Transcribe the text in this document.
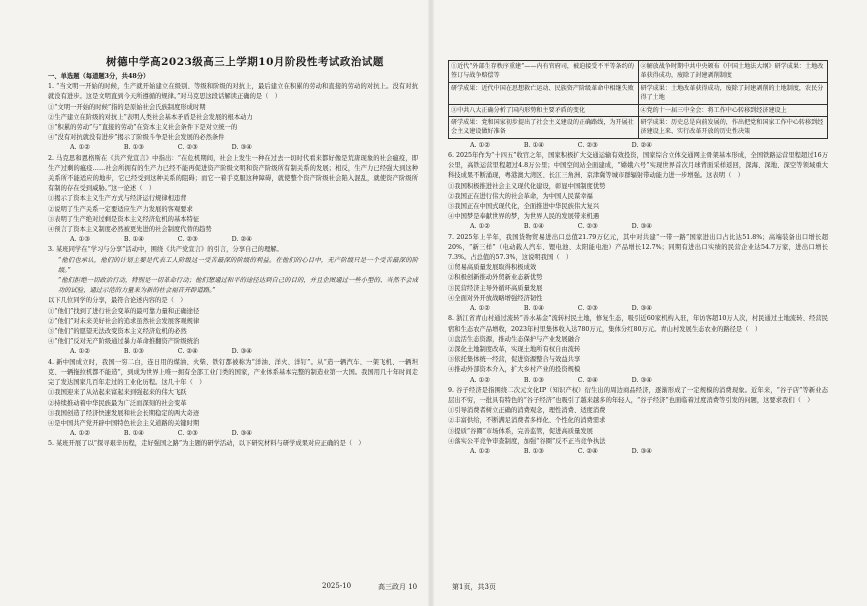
树德中学高2023级高三上学期10月阶段性考试政治试题

一、单选题（每道题3分，共48分）

1. “当文明一开始的时候，生产就开始建立在级别、等级和阶级的对抗上，最后建立在积累的劳动和直接的劳动的对抗上。没有对抗就没有进步。这是文明直到今天所遵循的规律。”对马克思这段话解读正确的是（　）

①“文明一开始的时候”指的是原始社会氏族制度形成时期

②生产建立在阶级的对抗上”表明人类社会基本矛盾是社会发展的根本动力

③“积累的劳动”与“直接的劳动”在资本主义社会条件下是对立统一的

④“没有对抗就没有进步”揭示了阶级斗争是社会发展的必然条件

A. ①②	B. ①③	C. ②③	D. ③④

2. 马克思和恩格斯在《共产党宣言》中指出：“在危机期间，社会上发生一种在过去一切时代看来都好像是荒唐现象的社会瘟疫，即生产过剩的瘟疫……社会所拥有的生产力已经不能再促进资产阶级文明和资产阶级所有制关系的发展；相反，生产力已经强大到这种关系所不能适应的地步，它已经受到这种关系的阻碍；而它一着手克服这种障碍，就使整个资产阶级社会陷入混乱，就使资产阶级所有制的存在受到威胁。”这一论述（　）

①揭示了资本主义生产方式与经济运行规律相违背

②说明了生产关系一定要适应生产力发展的客观要求

③表明了生产绝对过剩是资本主义经济危机的基本特征

④预言了资本主义制度必然被更先进的社会制度代替的趋势

A. ①③	B. ①④	C. ②③	D. ②④

3. 某班同学在“学习与分享”活动中，围绕《共产党宣言》的引言，分享自己的理解。

“他们也承认，他们的计划主要是代表工人阶级这一受苦最深的阶级的利益。在他们的心目中，无产阶级只是一个受苦最深的阶级。”

“他们拒绝一切政治行动，特别是一切革命行动；他们想通过和平的途径达到自己的目的，并且企图通过一些小型的、当然不会成功的试验，通过示范的力量来为新的社会福音开辟道路。”

以下几位同学的分享，最符合论述内容的是（　）

①“他们”找到了进行社会变革的最可靠力量和正确途径

②“他们”对未来美好社会的追求虽然社会发展客观规律

③“他们”的愿望无法改变资本主义经济危机的必然

④“他们”反对无产阶级通过暴力革命推翻资产阶级统治

A. ①②	B. ①③	C. ②④	D. ③④

4. 新中国成立时，我国一穷二白，连日用的煤油、火柴、铁钉都被称为“洋油、洋火、洋钉”。从“造一辆汽车、一架飞机、一辆坦克、一辆拖拉机都不能造”，到成为世界上唯一拥有全部工业门类的国家，产业体系基本完整的制造业第一大国。我国用几十年时间走完了发达国家几百年走过的工业化历程。这几十年（　）

①我国迎来了从站起来富起来到强起来的伟大飞跃

②持续推动着中华民族最为广泛而深刻的社会变革

③我国创造了经济快速发展和社会长期稳定的两大奇迹

④是中国共产党开辟中国特色社会主义道路的关键时期

A. ①②	B. ①④	C. ②③	D. ③④

5. 某班开展了以“探寻艰辛历程，走好强国之路”为主题的研学活动，以下研究材料与研学成果对应正确的是（　）

①近代“外部生存秩序重建”——内有官府司，被迫接受不平等条约的签订与战争赔偿等	②解放战争时期中共中央颁布《中国土地法大纲》研学成果：土地改革获得成功，废除了封建剥削制度
研学成果：近代中国在思想救亡运动、民族资产阶级革命中相继失败	研学成果：土地改革获得成功，废除了封建剥削的土地制度，农民分得了土地
③中共八大正确分析了国内形势和主要矛盾的变化	④党的十一届三中全会：将工作中心转移到经济建设上
研学成果：党和国家初步提出了社会主义建设的正确路线，为开展社会主义建设做好准备	研学成果：历史总是向前发展的，作出把党和国家工作中心转移到经济建设上来、实行改革开放的历史性决策
A. ①②	B. ①④	C. ②③	D. ②④

6. 2025年作为“十四五”收官之年，国家积极扩大交通运输有效投资，国家综合立体交通网主骨架基本形成，全国铁路运营里程超过16万公里，高铁运营里程超过4.8万公里；中国空间站全面建成，“嫦娥六号”实现世界首次月球背面采样返回，深海、深地、深空等领域重大科技成果不断涌现，粤港澳大湾区、长江三角洲、京津冀等城市群辐射带动能力进一步增强。这表明（　）

①我国积极推进社会主义现代化建设，彰显中国制度优势

②我国正在进行伟大的社会革命，为中国人民谋幸福

③我国正在中国式现代化，全面推进中华民族伟大复兴

④中国梦是奉献世界的梦，为世界人民的发展带来机遇

A. ①②	B. ①④	C. ②③	D. ③④

7. 2025年上半年，我国货物贸易进出口总值21.79万亿元，其中对共建“一带一路”国家进出口占比达51.8%；高端装备出口增长超20%，“新三样”（电动载人汽车、锂电池、太阳能电池）产品增长12.7%；同期有进出口实绩的民营企业达54.7万家，进出口增长7.3%。占总值的57.3%，这说明我国（　）

①贸易高质量发展取得积极成效

②积极创新推动外贸新业态新优势

③民营经济主导外循环高质量发展

④全面对外开放战略增强经济韧性

A. ①②	B. ①④	C. ②③	D. ③④

8. 浙江省青山村通过流转“善水基金”流转村民土地，修复生态，吸引近60家机构入驻，年访客超10万人次，村民通过土地流转、经营民宿和生态农产品增收，2023年村里集体收入达780万元，集体分红80万元。青山村发展生态农业的路径是（　）

①盘活生态资源，推动生态保护与产业发展融合

②深化土地制度改革，实现土地所有权自由流转

③依托集体统一经营，促进资源整合与效益共享

④推动外部资本介入，扩大乡村产业的投资规模

A. ①②	B. ①③	C. ②④	D. ③④

9. 谷子经济是指围绕二次元文化IP（知识产权）衍生出的周边商品经济，逐渐形成了一定规模的消费现象。近年来，“谷子店”等新业态层出不穷，一批具有特色的“谷子经济”也吸引了越来越多的年轻人，“谷子经济”也面临着过度消费等引发的问题，这要求我们（　）

①引导消费者树立正确的消费观念，理性消费、适度消费

②丰富供给，不断满足消费者多样化、个性化的消费需求

③提质“谷圈”市场体系，完善监管，促进高质量发展

④落实公平竞争审查制度，加强“谷圈”反不正当竞争执法

A. ①②	B. ①③	C. ②④	D. ③④
2025-10	高三政月 10	第1页，共3页
